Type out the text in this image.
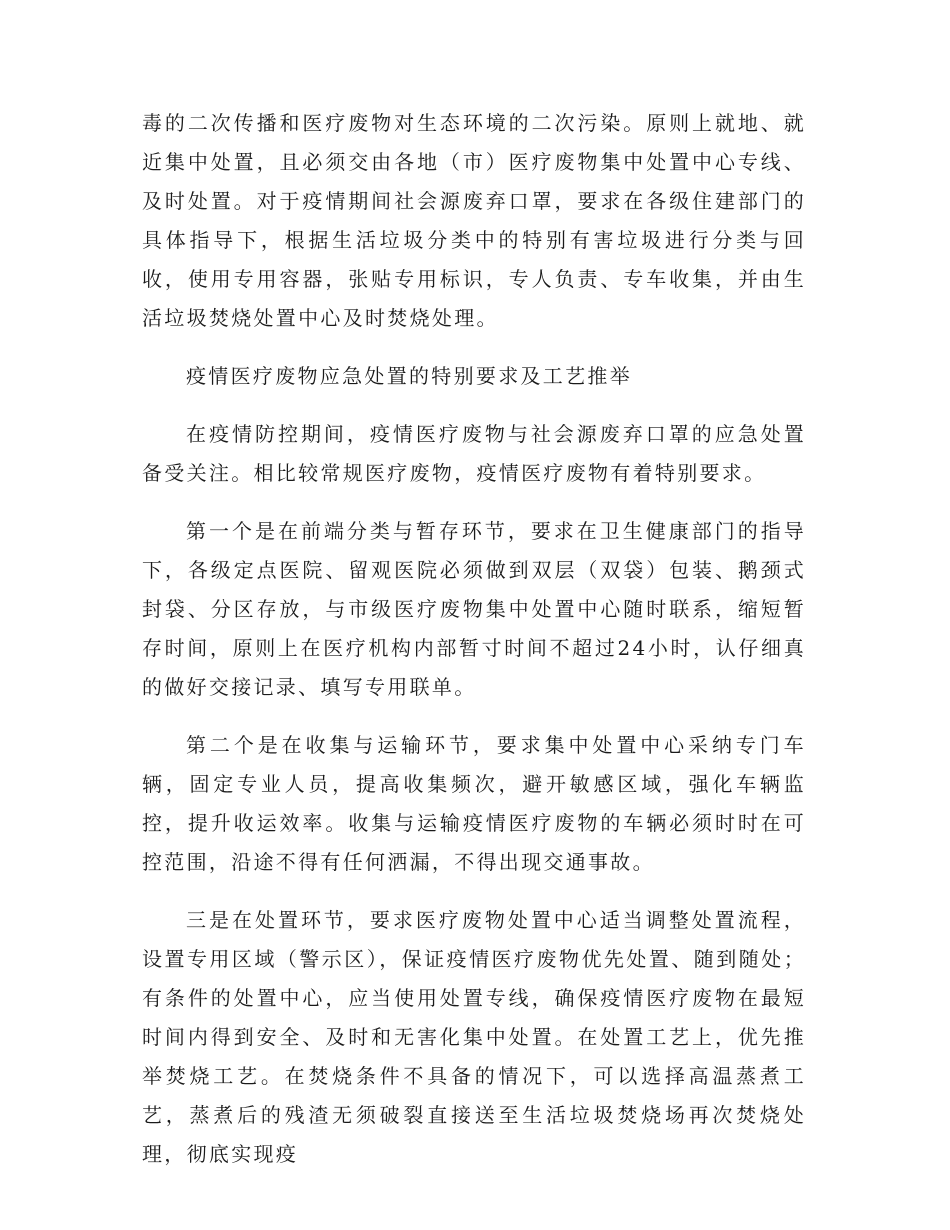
毒的二次传播和医疗废物对生态环境的二次污染。原则上就地、就近集中处置，且必须交由各地（市）医疗废物集中处置中心专线、及时处置。对于疫情期间社会源废弃口罩，要求在各级住建部门的具体指导下，根据生活垃圾分类中的特别有害垃圾进行分类与回收，使用专用容器，张贴专用标识，专人负责、专车收集，并由生活垃圾焚烧处置中心及时焚烧处理。

疫情医疗废物应急处置的特别要求及工艺推举

在疫情防控期间，疫情医疗废物与社会源废弃口罩的应急处置备受关注。相比较常规医疗废物，疫情医疗废物有着特别要求。

第一个是在前端分类与暂存环节，要求在卫生健康部门的指导下，各级定点医院、留观医院必须做到双层（双袋）包装、鹅颈式封袋、分区存放，与市级医疗废物集中处置中心随时联系，缩短暂存时间，原则上在医疗机构内部暂寸时间不超过24小时，认仔细真的做好交接记录、填写专用联单。

第二个是在收集与运输环节，要求集中处置中心采纳专门车辆，固定专业人员，提高收集频次，避开敏感区域，强化车辆监控，提升收运效率。收集与运输疫情医疗废物的车辆必须时时在可控范围，沿途不得有任何洒漏，不得出现交通事故。

三是在处置环节，要求医疗废物处置中心适当调整处置流程，设置专用区域（警示区），保证疫情医疗废物优先处置、随到随处；有条件的处置中心，应当使用处置专线，确保疫情医疗废物在最短时间内得到安全、及时和无害化集中处置。在处置工艺上，优先推举焚烧工艺。在焚烧条件不具备的情况下，可以选择高温蒸煮工艺，蒸煮后的残渣无须破裂直接送至生活垃圾焚烧场再次焚烧处理，彻底实现疫
